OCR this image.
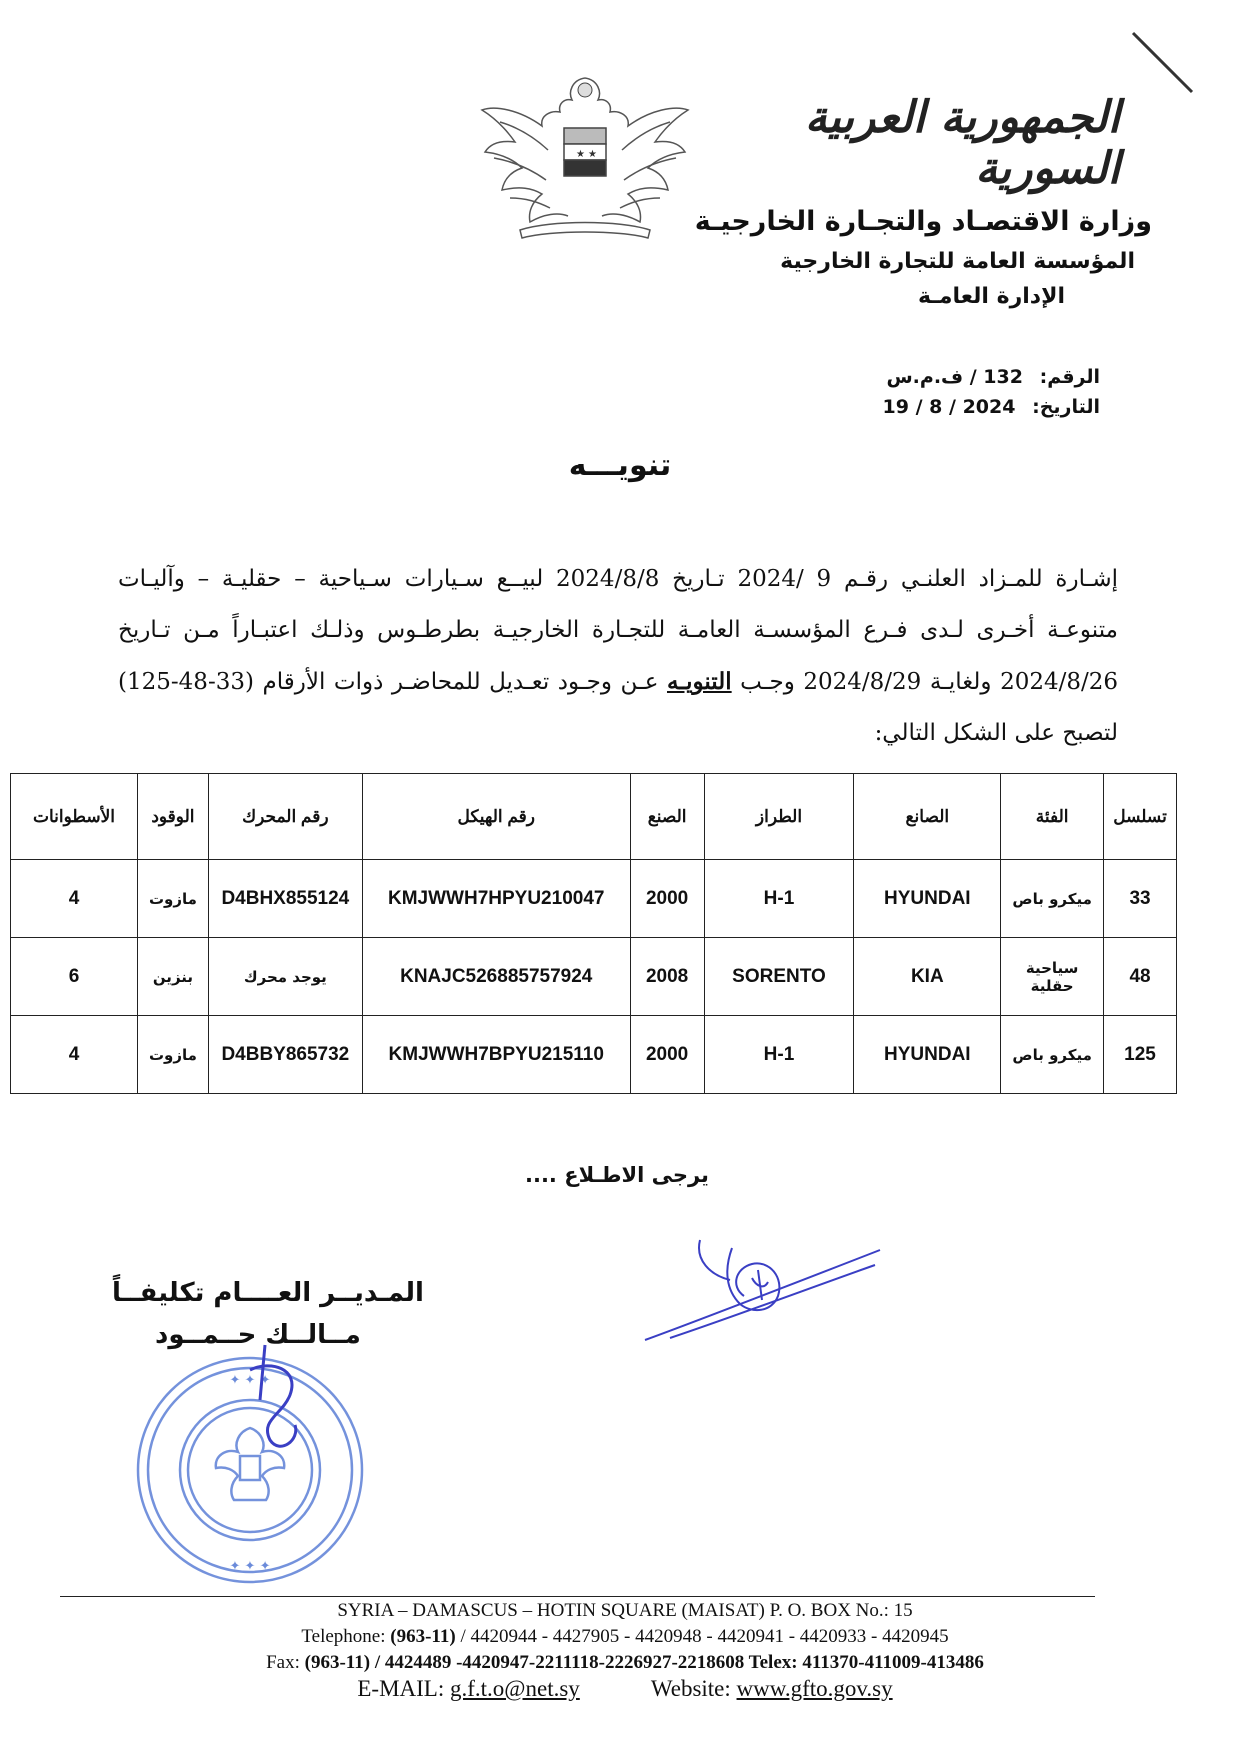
★ ★
الجمهورية العربية السورية
وزارة الاقتصـاد والتجـارة الخارجيـة
المؤسسة العامة للتجارة الخارجية
الإدارة العامـة
الرقم: 132 / ف.م.س
التاريخ: 2024 / 8 / 19
تنويـــه
إشـارة للمـزاد العلنـي رقـم 9 /2024 تـاريخ 2024/8/8 لبيــع سـيارات سـياحية – حقليـة – وآليـات متنوعـة أخـرى لـدى فـرع المؤسسـة العامـة للتجـارة الخارجيـة بطرطـوس وذلـك اعتبـاراً مـن تـاريخ 2024/8/26 ولغايـة 2024/8/29 وجـب التنويـه عـن وجـود تعـديل للمحاضـر ذوات الأرقام (33-48-125) لتصبح على الشكل التالي:
تسلسل	الفئة	الصانع	الطراز	الصنع	رقم الهيكل	رقم المحرك	الوقود	الأسطوانات
33	ميكرو باص	HYUNDAI	H-1	2000	KMJWWH7HPYU210047	D4BHX855124	مازوت	4
48	سياحية حقلية	KIA	SORENTO	2008	KNAJC526885757924	يوجد محرك	بنزين	6
125	ميكرو باص	HYUNDAI	H-1	2000	KMJWWH7BPYU215110	D4BBY865732	مازوت	4
يرجى الاطـلاع ....
✦ ✦ ✦
✦ ✦ ✦
المـديــر العــــام تكليفــاً
مــالــك حــمــود
SYRIA – DAMASCUS – HOTIN SQUARE (MAISAT) P. O. BOX No.: 15
Telephone: (963-11) / 4420944 - 4427905 - 4420948 - 4420941 - 4420933 - 4420945
Fax: (963-11) / 4424489 -4420947-2211118-2226927-2218608 Telex: 411370-411009-413486
E-MAIL: g.f.t.o@net.sy	Website: www.gfto.gov.sy
